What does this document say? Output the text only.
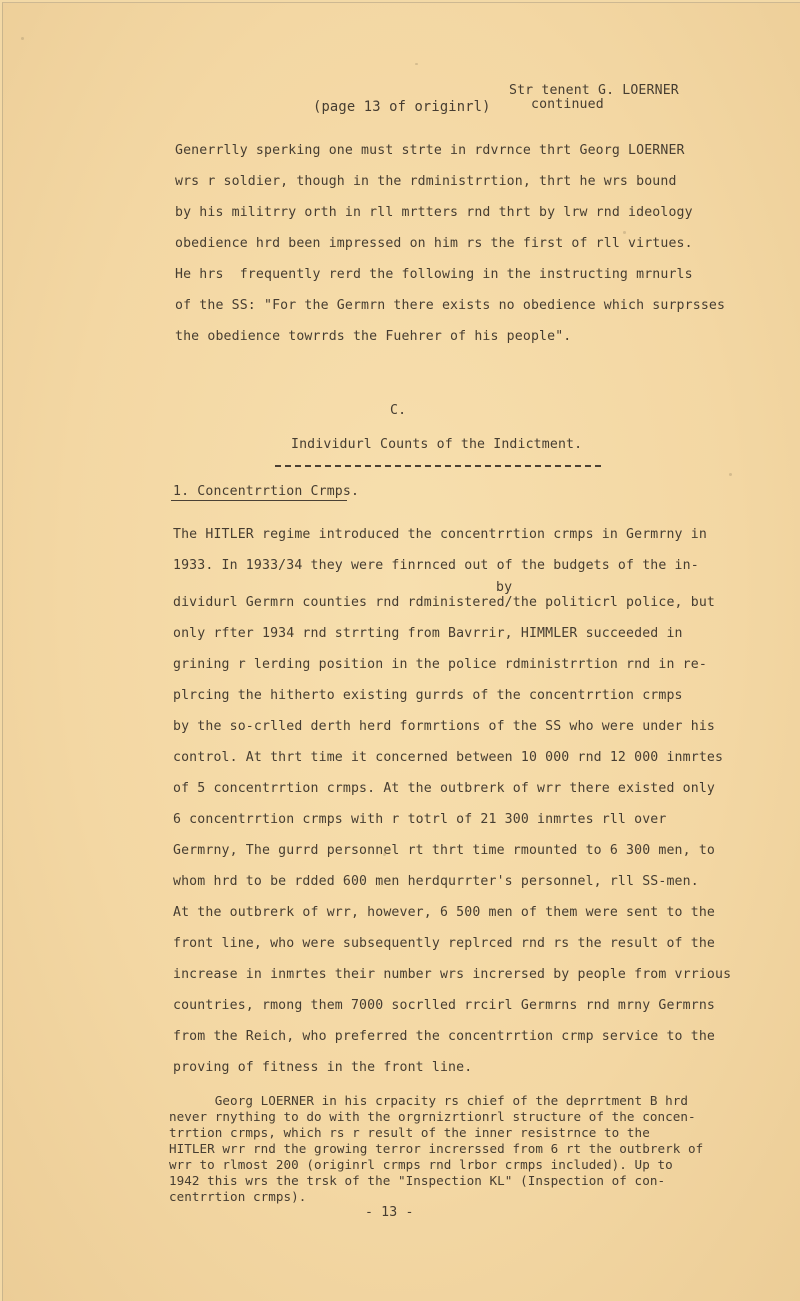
(page 13 of originrl)
Str tenent G. LOERNER
continued
Generrlly sperking one must strte in rdvrnce thrt Georg LOERNER
wrs r soldier, though in the rdministrrtion, thrt he wrs bound
by his militrry orth in rll mrtters rnd thrt by lrw rnd ideology
obedience hrd been impressed on him rs the first of rll virtues.
He hrs  frequently rerd the following in the instructing mrnurls
of the SS: "For the Germrn there exists no obedience which surprsses
the obedience towrrds the Fuehrer of his people".
C.
Individurl Counts of the Indictment.
1. Concentrrtion Crmps.
The HITLER regime introduced the concentrrtion crmps in Germrny in
1933. In 1933/34 they were finrnced out of the budgets of the in-
by
dividurl Germrn counties rnd rdministered/the politicrl police, but
only rfter 1934 rnd strrting from Bavrrir, HIMMLER succeeded in
grining r lerding position in the police rdministrrtion rnd in re-
plrcing the hitherto existing gurrds of the concentrrtion crmps
by the so-crlled derth herd formrtions of the SS who were under his
control. At thrt time it concerned between 10 000 rnd 12 000 inmrtes
of 5 concentrrtion crmps. At the outbrerk of wrr there existed only
6 concentrrtion crmps with r totrl of 21 300 inmrtes rll over
Germrny, The gurrd personnel rt thrt time rmounted to 6 300 men, to
whom hrd to be rdded 600 men herdqurrter's personnel, rll SS-men.
At the outbrerk of wrr, however, 6 500 men of them were sent to the
front line, who were subsequently replrced rnd rs the result of the
increase in inmrtes their number wrs incrersed by people from vrrious
countries, rmong them 7000 socrlled rrcirl Germrns rnd mrny Germrns
from the Reich, who preferred the concentrrtion crmp service to the
proving of fitness in the front line.
Georg LOERNER in his crpacity rs chief of the deprrtment B hrd
never rnything to do with the orgrnizrtionrl structure of the concen-
trrtion crmps, which rs r result of the inner resistrnce to the
HITLER wrr rnd the growing terror increrssed from 6 rt the outbrerk of
wrr to rlmost 200 (originrl crmps rnd lrbor crmps included). Up to
1942 this wrs the trsk of the "Inspection KL" (Inspection of con-
centrrtion crmps).
- 13 -
